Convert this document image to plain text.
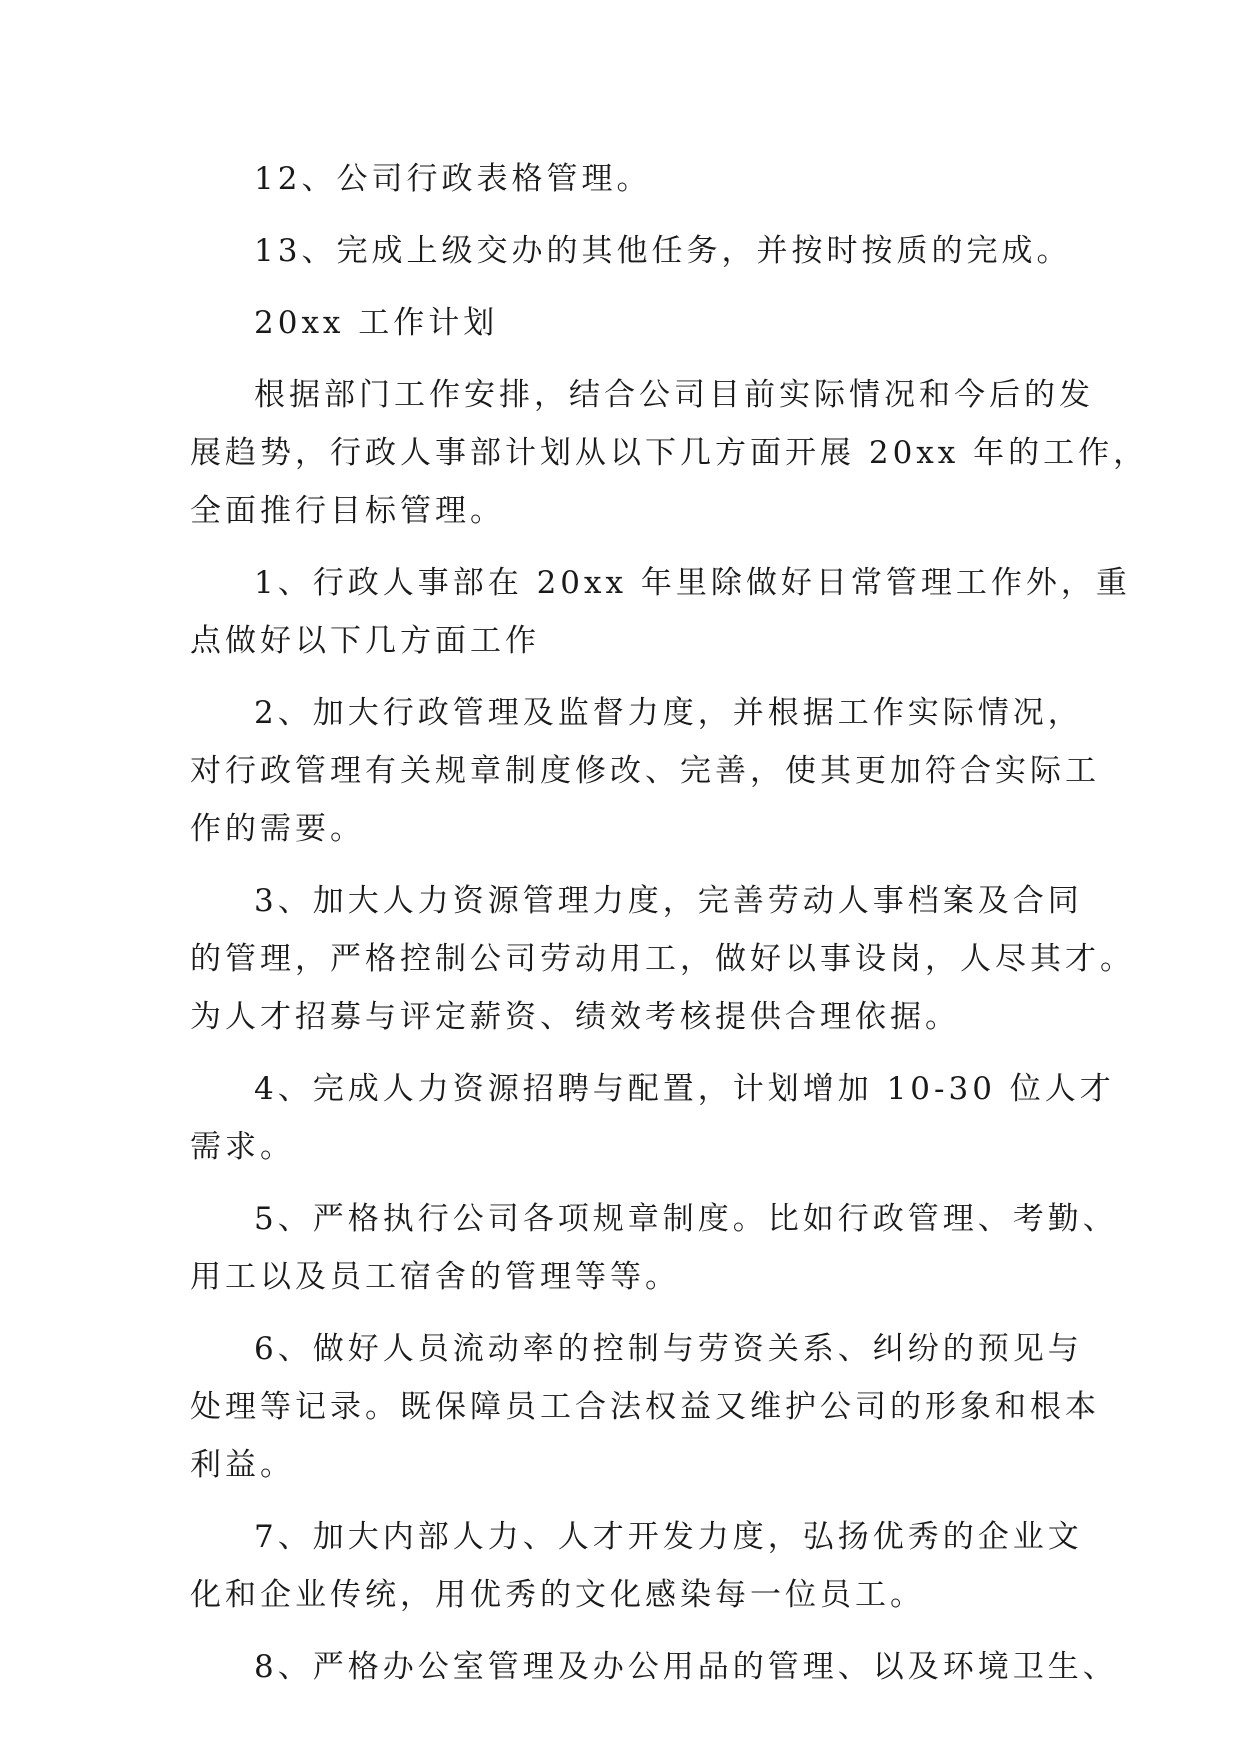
12、公司行政表格管理。

13、完成上级交办的其他任务，并按时按质的完成。

20xx 工作计划

根据部门工作安排，结合公司目前实际情况和今后的发

展趋势，行政人事部计划从以下几方面开展 20xx 年的工作，

全面推行目标管理。

1、行政人事部在 20xx 年里除做好日常管理工作外，重

点做好以下几方面工作

2、加大行政管理及监督力度，并根据工作实际情况，

对行政管理有关规章制度修改、完善，使其更加符合实际工

作的需要。

3、加大人力资源管理力度，完善劳动人事档案及合同

的管理，严格控制公司劳动用工，做好以事设岗，人尽其才。

为人才招募与评定薪资、绩效考核提供合理依据。

4、完成人力资源招聘与配置，计划增加 10-30 位人才

需求。

5、严格执行公司各项规章制度。比如行政管理、考勤、

用工以及员工宿舍的管理等等。

6、做好人员流动率的控制与劳资关系、纠纷的预见与

处理等记录。既保障员工合法权益又维护公司的形象和根本

利益。

7、加大内部人力、人才开发力度，弘扬优秀的企业文

化和企业传统，用优秀的文化感染每一位员工。

8、严格办公室管理及办公用品的管理、以及环境卫生、
